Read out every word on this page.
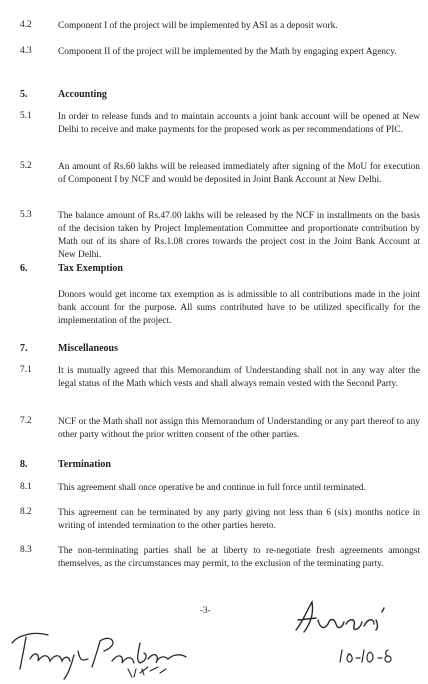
4.2	Component I of the project will be implemented by ASI as a deposit work.
4.3	Component II of the project will be implemented by the Math by engaging expert Agency.
5.	Accounting
5.1	In order to release funds and to maintain accounts a joint bank account will be opened at New Delhi to receive and make payments for the proposed work as per recommendations of PIC.
5.2	An amount of Rs.60 lakhs will be released immediately after signing of the MoU for execution of Component I by NCF and would be deposited in Joint Bank Account at New Delhi.
5.3	The balance amount of Rs.47.00 lakhs will be released by the NCF in installments on the basis of the decision taken by Project Implementation Committee and proportionate contribution by Math out of its share of Rs.1.08 crores towards the project cost in the Joint Bank Account at New Delhi.
6.	Tax Exemption
Donors would get income tax exemption as is admissible to all contributions made in the joint bank account for the purpose. All sums contributed have to be utilized specifically for the implementation of the project.
7.	Miscellaneous
7.1	It is mutually agreed that this Memorandum of Understanding shall not in any way alter the legal status of the Math which vests and shall always remain vested with the Second Party.
7.2	NCF or the Math shall not assign this Memorandum of Understanding or any part thereof to any other party without the prior written consent of the other parties.
8.	Termination
8.1	This agreement shall once operative be and continue in full force until terminated.
8.2	This agreement can be terminated by any party giving not less than 6 (six) months notice in writing of intended termination to the other parties hereto.
8.3	The non-terminating parties shall be at liberty to re-negotiate fresh agreements amongst themselves, as the circumstances may permit, to the exclusion of the terminating party.
-3-
